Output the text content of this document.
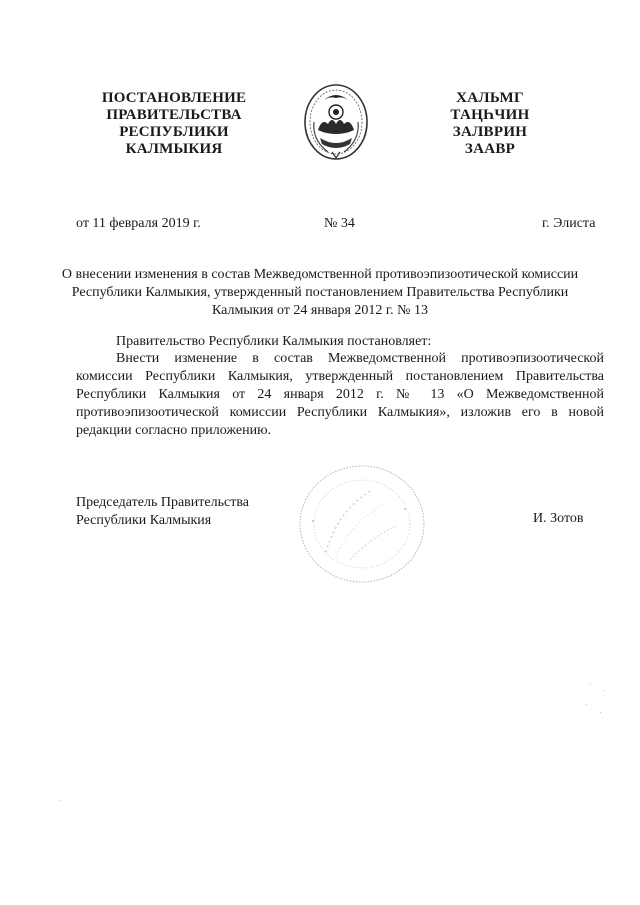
ПОСТАНОВЛЕНИЕ
ПРАВИТЕЛЬСТВА
РЕСПУБЛИКИ
КАЛМЫКИЯ
ХАЛЬМГ
ТАҢҺЧИН
ЗАЛВРИН
ЗААВР
от 11 февраля 2019 г.	№ 34	г. Элиста
О внесении изменения в состав Межведомственной противоэпизоотической комиссии Республики Калмыкия, утвержденный постановлением Правительства Республики Калмыкия от 24 января 2012 г. № 13
Правительство Республики Калмыкия постановляет:
Внести изменение в состав Межведомственной противоэпизоотической комиссии Республики Калмыкия, утвержденный постановлением Правительства Республики Калмыкия от 24 января 2012 г. № 13 «О Межведомственной противоэпизоотической комиссии Республики Калмыкия», изложив его в новой редакции согласно приложению.
Председатель Правительства
Республики Калмыкия	И. Зотов
